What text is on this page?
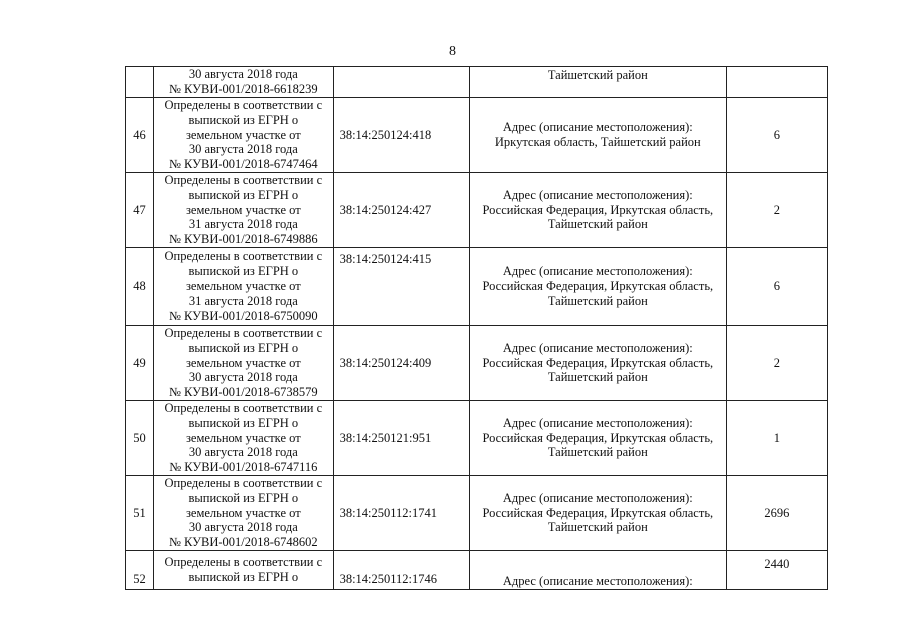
8
	30 августа 2018 года
№ КУВИ-001/2018-6618239		Тайшетский район	
46	Определены в соответствии с
выпиской из ЕГРН о
земельном участке от
30 августа 2018 года
№ КУВИ-001/2018-6747464	38:14:250124:418	Адрес (описание местоположения):
Иркутская область, Тайшетский район	6
47	Определены в соответствии с
выпиской из ЕГРН о
земельном участке от
31 августа 2018 года
№ КУВИ-001/2018-6749886	38:14:250124:427	Адрес (описание местоположения):
Российская Федерация, Иркутская область,
Тайшетский район	2
48	Определены в соответствии с
выпиской из ЕГРН о
земельном участке от
31 августа 2018 года
№ КУВИ-001/2018-6750090	38:14:250124:415	Адрес (описание местоположения):
Российская Федерация, Иркутская область,
Тайшетский район	6
49	Определены в соответствии с
выпиской из ЕГРН о
земельном участке от
30 августа 2018 года
№ КУВИ-001/2018-6738579	38:14:250124:409	Адрес (описание местоположения):
Российская Федерация, Иркутская область,
Тайшетский район	2
50	Определены в соответствии с
выпиской из ЕГРН о
земельном участке от
30 августа 2018 года
№ КУВИ-001/2018-6747116	38:14:250121:951	Адрес (описание местоположения):
Российская Федерация, Иркутская область,
Тайшетский район	1
51	Определены в соответствии с
выпиской из ЕГРН о
земельном участке от
30 августа 2018 года
№ КУВИ-001/2018-6748602	38:14:250112:1741	Адрес (описание местоположения):
Российская Федерация, Иркутская область,
Тайшетский район	2696
52	Определены в соответствии с
выпиской из ЕГРН о	38:14:250112:1746	Адрес (описание местоположения):	2440
